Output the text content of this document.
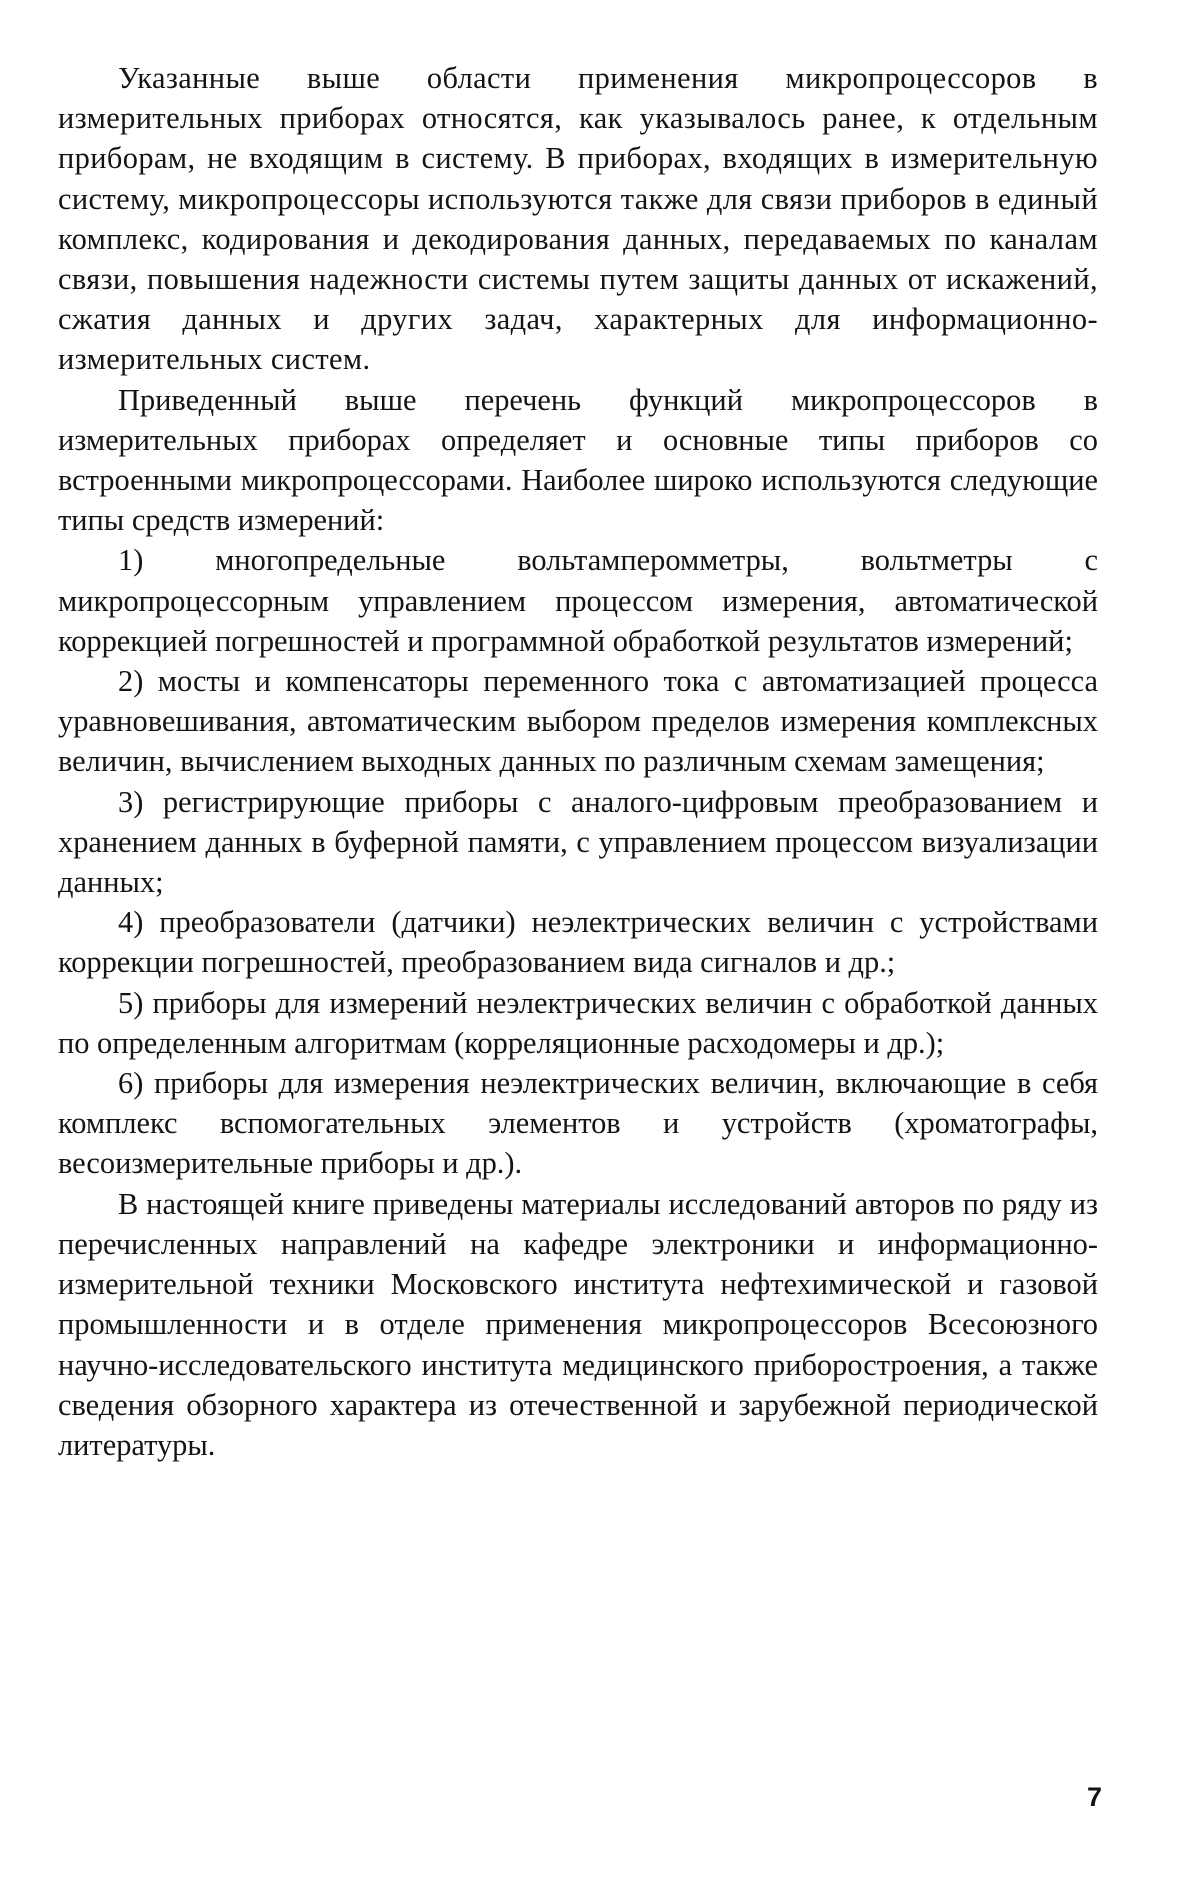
Указанные выше области применения микропроцессоров в измерительных приборах относятся, как указывалось ранее, к отдельным приборам, не входящим в систему. В приборах, входящих в измерительную систему, микропроцессоры используются также для связи приборов в единый комплекс, кодирования и декодирования данных, передаваемых по каналам связи, повышения надежности системы путем защиты данных от искажений, сжатия данных и других задач, характерных для информационно-измерительных систем.

Приведенный выше перечень функций микропроцессоров в измерительных приборах определяет и основные типы приборов со встроенными микропроцессорами. Наиболее широко используются следующие типы средств измерений:

1) многопредельные вольтамперомметры, вольтметры с микропроцессорным управлением процессом измерения, автоматической коррекцией погрешностей и программной обработкой результатов измерений;

2) мосты и компенсаторы переменного тока с автоматизацией процесса уравновешивания, автоматическим выбором пределов измерения комплексных величин, вычислением выходных данных по различным схемам замещения;

3) регистрирующие приборы с аналого-цифровым преобразованием и хранением данных в буферной памяти, с управлением процессом визуализации данных;

4) преобразователи (датчики) неэлектрических величин с устройствами коррекции погрешностей, преобразованием вида сигналов и др.;

5) приборы для измерений неэлектрических величин с обработкой данных по определенным алгоритмам (корреляционные расходомеры и др.);

6) приборы для измерения неэлектрических величин, включающие в себя комплекс вспомогательных элементов и устройств (хроматографы, весоизмерительные приборы и др.).

В настоящей книге приведены материалы исследований авторов по ряду из перечисленных направлений на кафедре электроники и информационно-измерительной техники Московского института нефтехимической и газовой промышленности и в отделе применения микропроцессоров Всесоюзного научно-исследовательского института медицинского приборостроения, а также сведения обзорного характера из отечественной и зарубежной периодической литературы.

7
